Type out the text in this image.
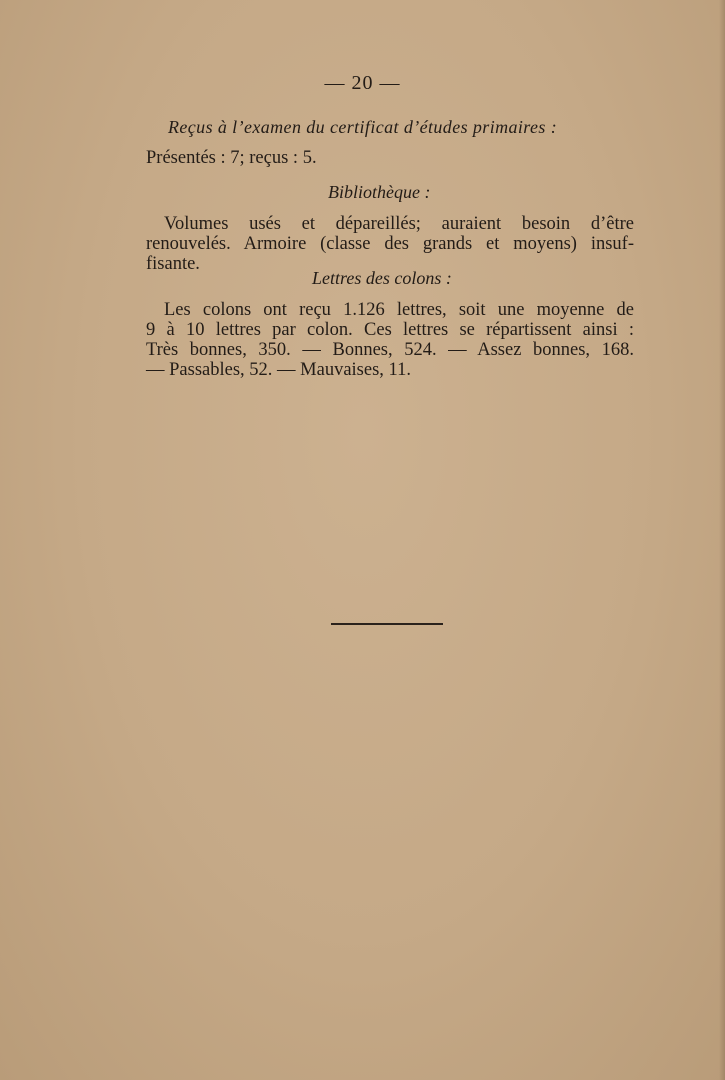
— 20 —
Reçus à l’examen du certificat d’études primaires :
Présentés : 7; reçus : 5.
Bibliothèque :
Volumes usés et dépareillés; auraient besoin d’être
renouvelés. Armoire (classe des grands et moyens) insuf-
fisante.
Lettres des colons :
Les colons ont reçu 1.126 lettres, soit une moyenne de
9 à 10 lettres par colon. Ces lettres se répartissent ainsi :
Très bonnes, 350. — Bonnes, 524. — Assez bonnes, 168.
— Passables, 52. — Mauvaises, 11.
